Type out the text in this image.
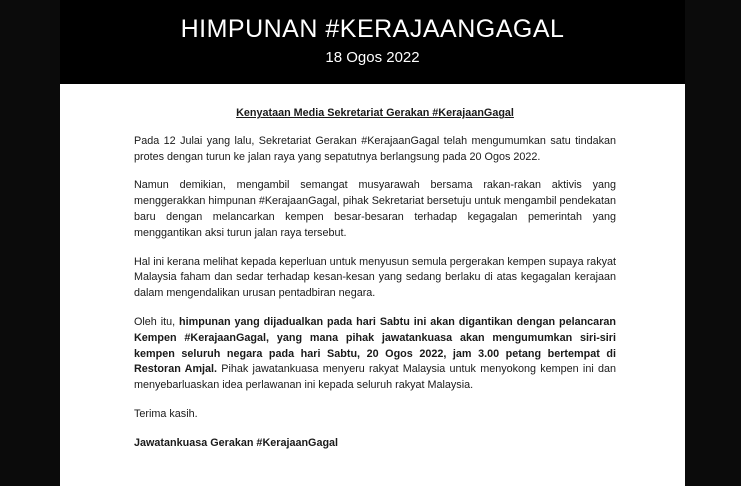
HIMPUNAN #KERAJAANGAGAL
18 Ogos 2022

Kenyataan Media Sekretariat Gerakan #KerajaanGagal

Pada 12 Julai yang lalu, Sekretariat Gerakan #KerajaanGagal telah mengumumkan satu tindakan protes dengan turun ke jalan raya yang sepatutnya berlangsung pada 20 Ogos 2022.

Namun demikian, mengambil semangat musyarawah bersama rakan-rakan aktivis yang menggerakkan himpunan #KerajaanGagal, pihak Sekretariat bersetuju untuk mengambil pendekatan baru dengan melancarkan kempen besar-besaran terhadap kegagalan pemerintah yang menggantikan aksi turun jalan raya tersebut.

Hal ini kerana melihat kepada keperluan untuk menyusun semula pergerakan kempen supaya rakyat Malaysia faham dan sedar terhadap kesan-kesan yang sedang berlaku di atas kegagalan kerajaan dalam mengendalikan urusan pentadbiran negara.

Oleh itu, himpunan yang dijadualkan pada hari Sabtu ini akan digantikan dengan pelancaran Kempen #KerajaanGagal, yang mana pihak jawatankuasa akan mengumumkan siri-siri kempen seluruh negara pada hari Sabtu, 20 Ogos 2022, jam 3.00 petang bertempat di Restoran Amjal. Pihak jawatankuasa menyeru rakyat Malaysia untuk menyokong kempen ini dan menyebarluaskan idea perlawanan ini kepada seluruh rakyat Malaysia.

Terima kasih.

Jawatankuasa Gerakan #KerajaanGagal
